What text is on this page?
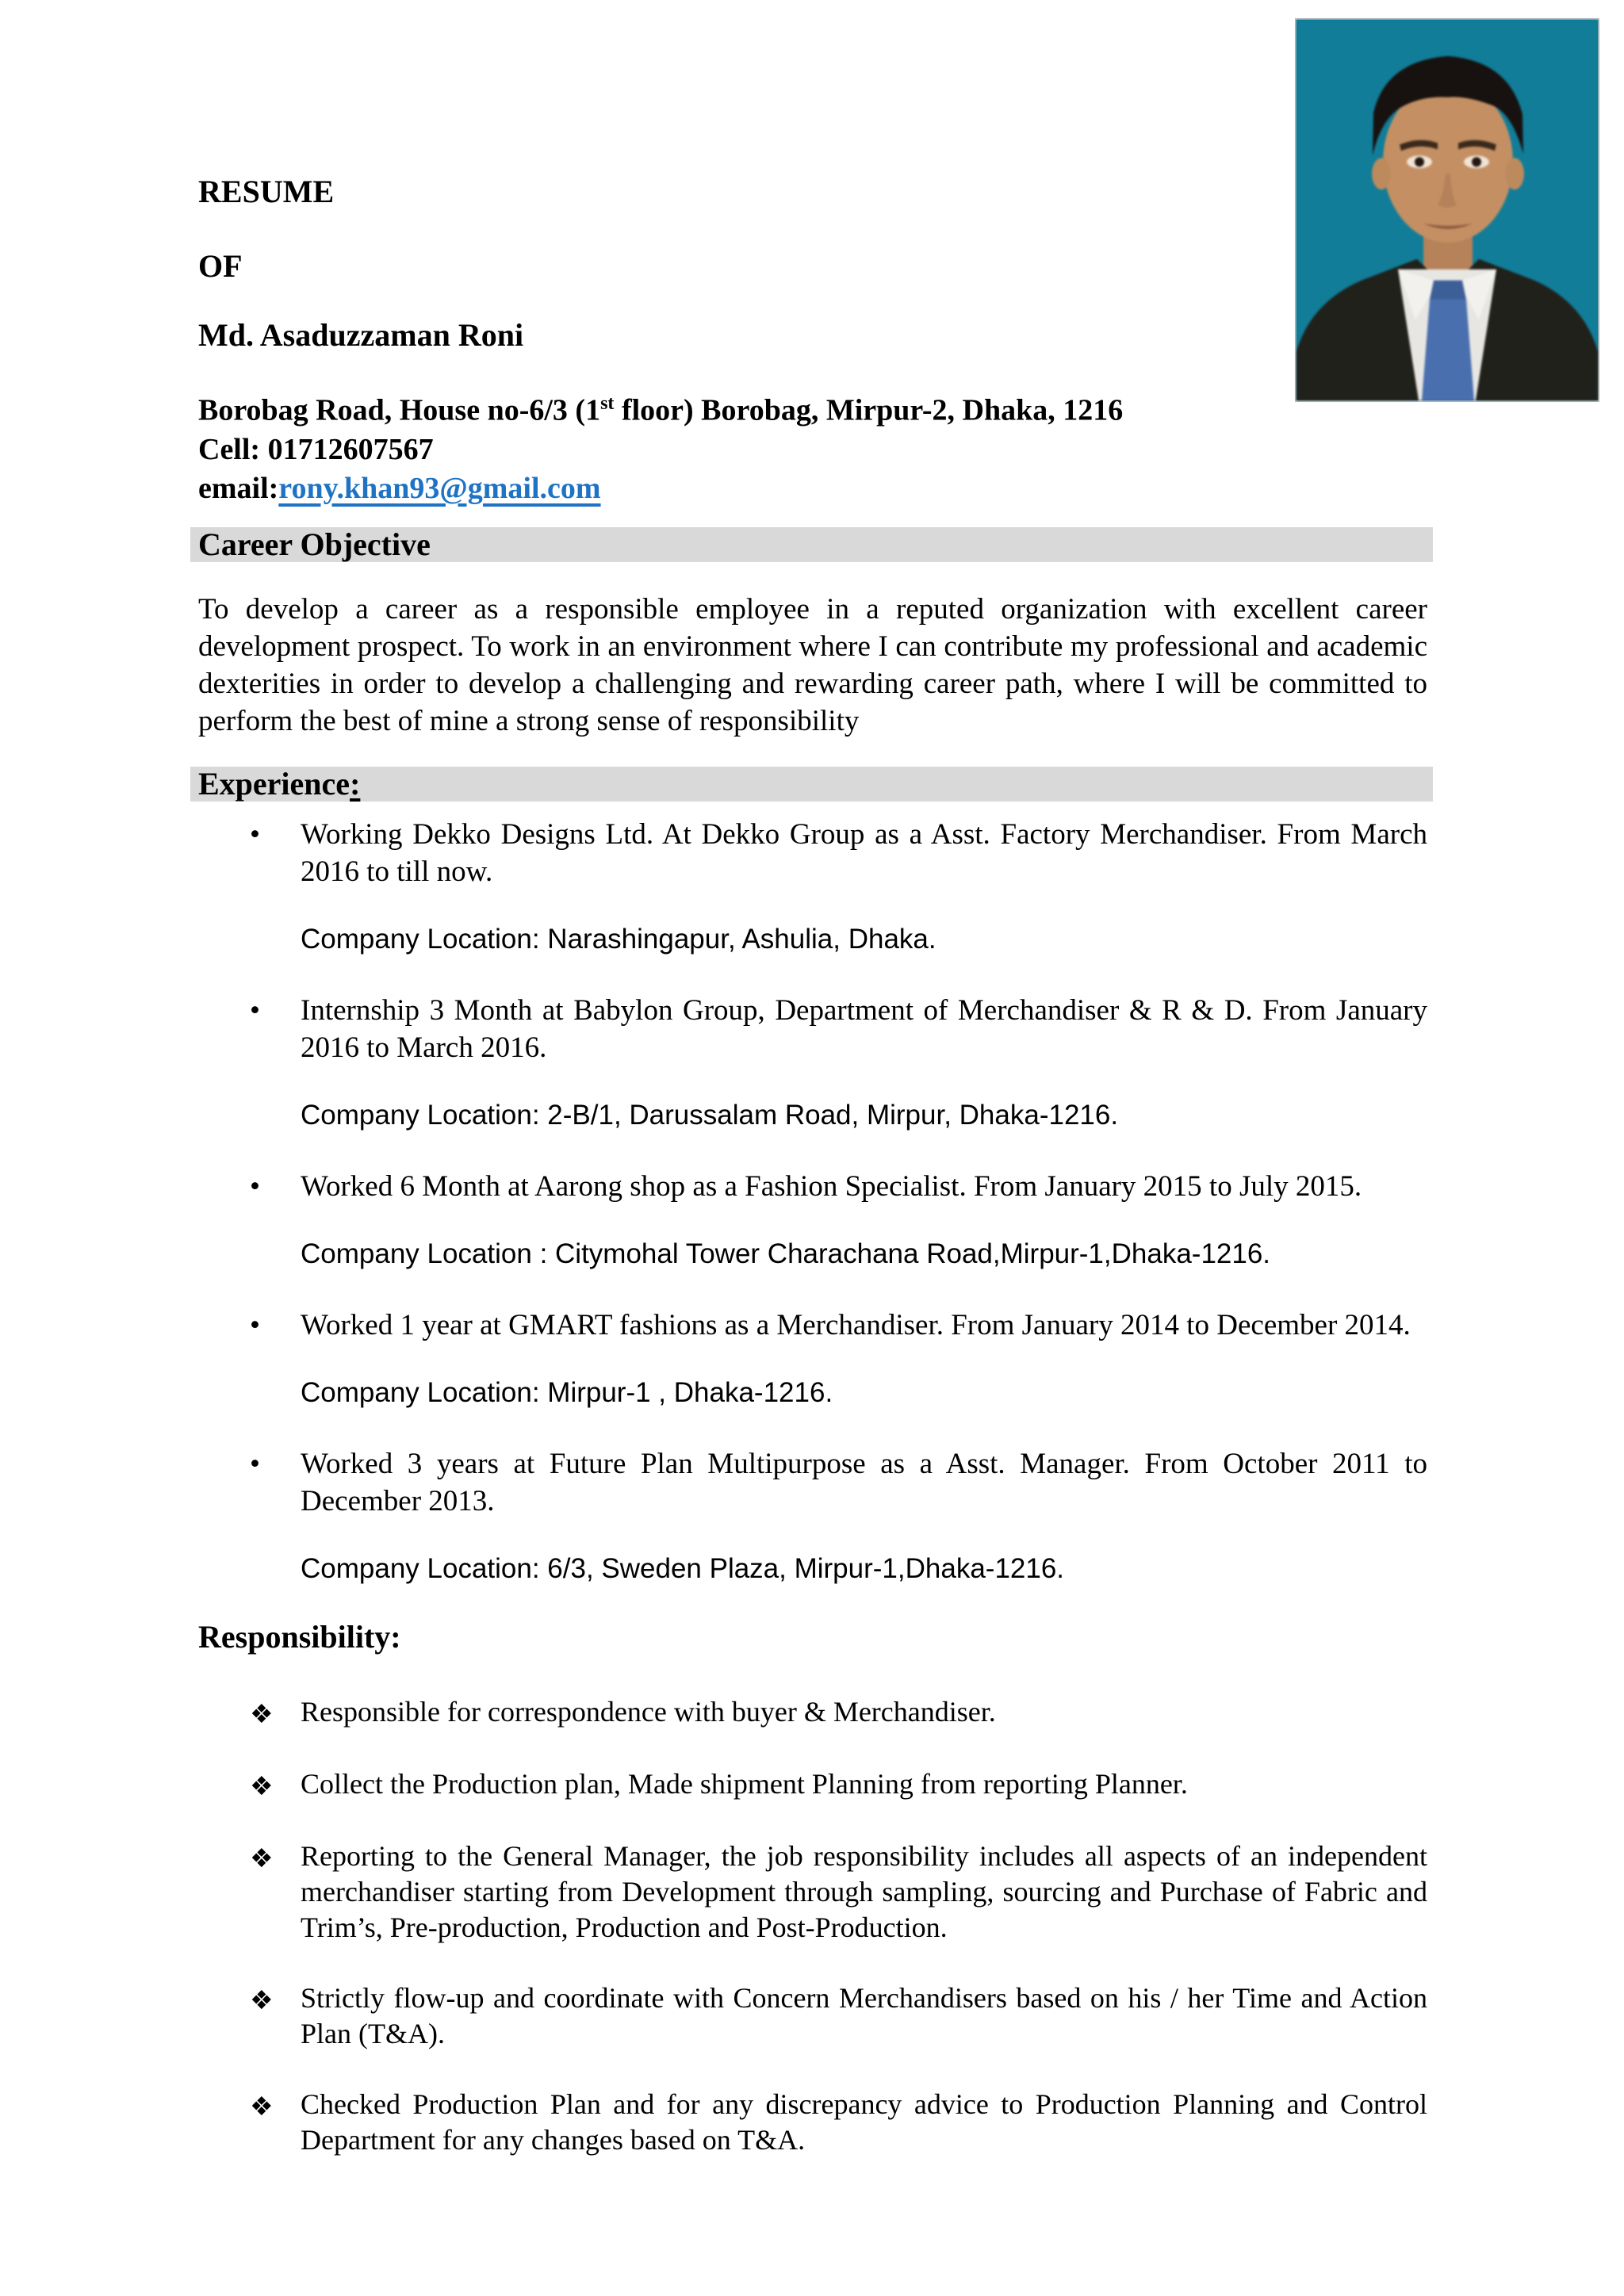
RESUME
OF
Md. Asaduzzaman Roni
Borobag Road, House no-6/3 (1st floor) Borobag, Mirpur-2, Dhaka, 1216
Cell: 01712607567
email:rony.khan93@gmail.com
Career Objective

To develop a career as a responsible employee in a reputed organization with excellent career development prospect. To work in an environment where I can contribute my professional and academic dexterities in order to develop a challenging and rewarding career path, where I will be committed to perform the best of mine a strong sense of responsibility

Experience:
•	Working Dekko Designs Ltd. At Dekko Group as a Asst. Factory Merchandiser. From March 2016 to till now.
Company Location: Narashingapur, Ashulia, Dhaka.
•	Internship 3 Month at Babylon Group, Department of Merchandiser & R & D. From January 2016 to March 2016.
Company Location: 2-B/1, Darussalam Road, Mirpur, Dhaka-1216.
•	Worked 6 Month at Aarong shop as a Fashion Specialist. From January 2015 to July 2015.
Company Location : Citymohal Tower Charachana Road,Mirpur-1,Dhaka-1216.
•	Worked 1 year at GMART fashions as a Merchandiser. From January 2014 to December 2014.
Company Location: Mirpur-1 , Dhaka-1216.
•	Worked 3 years at Future Plan Multipurpose as a Asst. Manager. From October 2011 to December 2013.
Company Location: 6/3, Sweden Plaza, Mirpur-1,Dhaka-1216.
Responsibility:
❖ Responsible for correspondence with buyer & Merchandiser.
❖ Collect the Production plan, Made shipment Planning from reporting Planner.
❖ Reporting to the General Manager, the job responsibility includes all aspects of an independent merchandiser starting from Development through sampling, sourcing and Purchase of Fabric and Trim’s, Pre-production, Production and Post-Production.
❖ Strictly flow-up and coordinate with Concern Merchandisers based on his / her Time and Action Plan (T&A).
❖ Checked Production Plan and for any discrepancy advice to Production Planning and Control Department for any changes based on T&A.
